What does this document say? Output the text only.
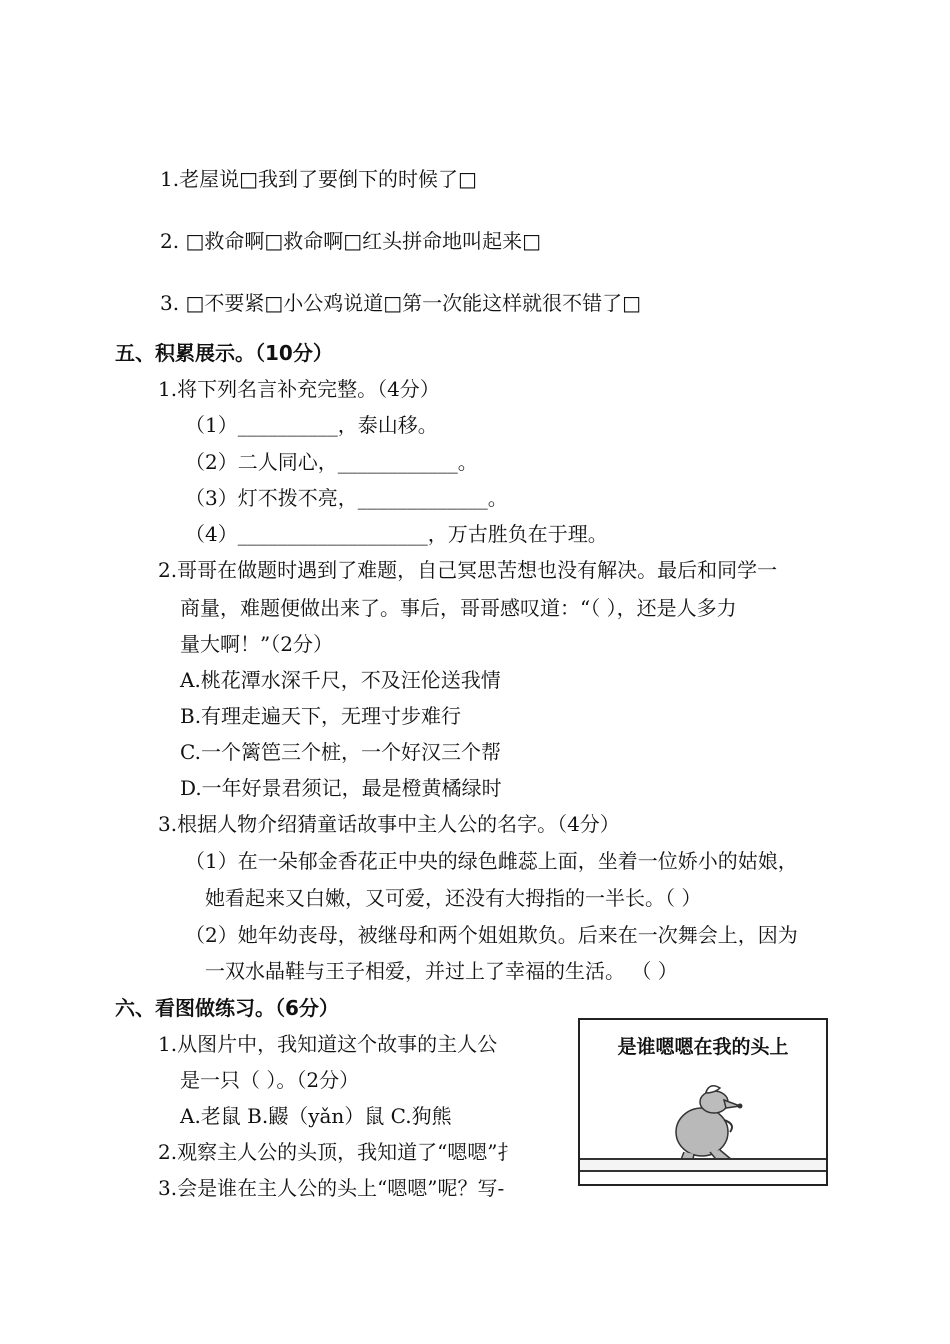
1.老屋说□我到了要倒下的时候了□
2. □救命啊□救命啊□红头拼命地叫起来□
3. □不要紧□小公鸡说道□第一次能这样就很不错了□
五、积累展示。（10分）
1.将下列名言补充完整。（4分）
（1）__________，泰山移。
（2）二人同心，____________。
（3）灯不拨不亮，_____________。
（4）___________________，万古胜负在于理。
2.哥哥在做题时遇到了难题，自己冥思苦想也没有解决。最后和同学一
商量，难题便做出来了。事后，哥哥感叹道：“（ ），还是人多力
量大啊！”（2分）
A.桃花潭水深千尺，不及汪伦送我情
B.有理走遍天下，无理寸步难行
C.一个篱笆三个桩，一个好汉三个帮
D.一年好景君须记，最是橙黄橘绿时
3.根据人物介绍猜童话故事中主人公的名字。（4分）
（1）在一朵郁金香花正中央的绿色雌蕊上面，坐着一位娇小的姑娘，
她看起来又白嫩，又可爱，还没有大拇指的一半长。（ ）
（2）她年幼丧母，被继母和两个姐姐欺负。后来在一次舞会上，因为
一双水晶鞋与王子相爱，并过上了幸福的生活。 （ ）
六、看图做练习。（6分）
1.从图片中，我知道这个故事的主人公
是一只（ ）。（2分）
A.老鼠 B.鼹（yǎn）鼠 C.狗熊
2.观察主人公的头顶，我知道了“嗯嗯”扌
3.会是谁在主人公的头上“嗯嗯”呢？写-
是谁嗯嗯在我的头上
